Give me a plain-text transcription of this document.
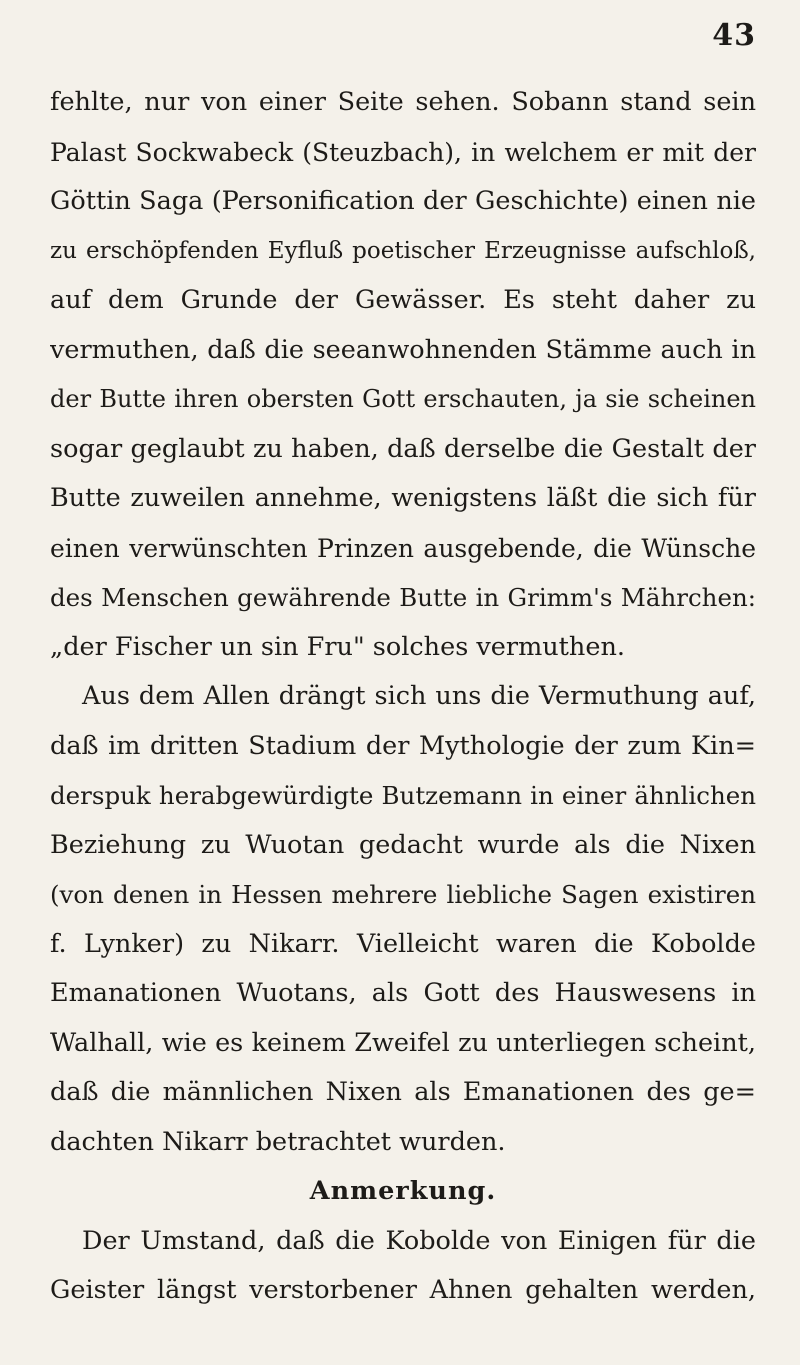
43
fehlte, nur von einer Seite sehen. Sobann stand sein
Palast Sockwabeck (Steuzbach), in welchem er mit der
Göttin Saga (Personification der Geschichte) einen nie
zu erschöpfenden Eyfluß poetischer Erzeugnisse aufschloß,
auf dem Grunde der Gewässer. Es steht daher zu
vermuthen, daß die seeanwohnenden Stämme auch in
der Butte ihren obersten Gott erschauten, ja sie scheinen
sogar geglaubt zu haben, daß derselbe die Gestalt der
Butte zuweilen annehme, wenigstens läßt die sich für
einen verwünschten Prinzen ausgebende, die Wünsche
des Menschen gewährende Butte in Grimm's Mährchen:
„der Fischer un sin Fru" solches vermuthen.
Aus dem Allen drängt sich uns die Vermuthung auf,
daß im dritten Stadium der Mythologie der zum Kin=
derspuk herabgewürdigte Butzemann in einer ähnlichen
Beziehung zu Wuotan gedacht wurde als die Nixen
(von denen in Hessen mehrere liebliche Sagen existiren
f. Lynker) zu Nikarr. Vielleicht waren die Kobolde
Emanationen Wuotans, als Gott des Hauswesens in
Walhall, wie es keinem Zweifel zu unterliegen scheint,
daß die männlichen Nixen als Emanationen des ge=
dachten Nikarr betrachtet wurden.
Anmerkung.
Der Umstand, daß die Kobolde von Einigen für die
Geister längst verstorbener Ahnen gehalten werden,
